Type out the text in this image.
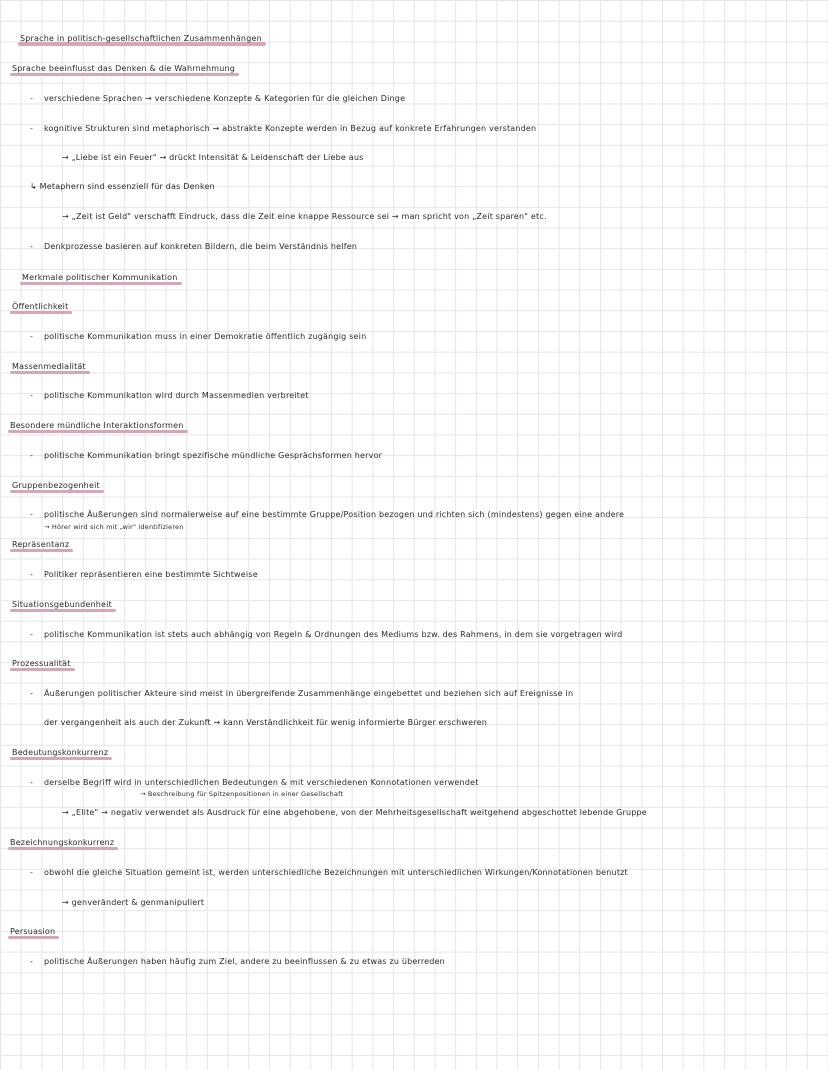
Sprache in politisch-gesellschaftlichen Zusammenhängen
Sprache beeinflusst das Denken & die Wahrnehmung
- verschiedene Sprachen → verschiedene Konzepte & Kategorien für die gleichen Dinge
- kognitive Strukturen sind metaphorisch → abstrakte Konzepte werden in Bezug auf konkrete Erfahrungen verstanden
→ „Liebe ist ein Feuer" → drückt Intensität & Leidenschaft der Liebe aus
↳ Metaphern sind essenziell für das Denken
→ „Zeit ist Geld" verschafft Eindruck, dass die Zeit eine knappe Ressource sei → man spricht von „Zeit sparen" etc.
- Denkprozesse basieren auf konkreten Bildern, die beim Verständnis helfen
Merkmale politischer Kommunikation
Öffentlichkeit
- politische Kommunikation muss in einer Demokratie öffentlich zugängig sein
Massenmedialität
- politische Kommunikation wird durch Massenmedien verbreitet
Besondere mündliche Interaktionsformen
- politische Kommunikation bringt spezifische mündliche Gesprächsformen hervor
Gruppenbezogenheit
- politische Äußerungen sind normalerweise auf eine bestimmte Gruppe/Position bezogen und richten sich (mindestens) gegen eine andere
→ Hörer wird sich mit „wir" identifizieren
Repräsentanz
- Politiker repräsentieren eine bestimmte Sichtweise
Situationsgebundenheit
- politische Kommunikation ist stets auch abhängig von Regeln & Ordnungen des Mediums bzw. des Rahmens, in dem sie vorgetragen wird
Prozessualität
- Äußerungen politischer Akteure sind meist in übergreifende Zusammenhänge eingebettet und beziehen sich auf Ereignisse in
der vergangenheit als auch der Zukunft → kann Verständlichkeit für wenig informierte Bürger erschweren
Bedeutungskonkurrenz
- derselbe Begriff wird in unterschiedlichen Bedeutungen & mit verschiedenen Konnotationen verwendet
→ Beschreibung für Spitzenpositionen in einer Gesellschaft
→ „Elite" → negativ verwendet als Ausdruck für eine abgehobene, von der Mehrheitsgesellschaft weitgehend abgeschottet lebende Gruppe
Bezeichnungskonkurrenz
- obwohl die gleiche Situation gemeint ist, werden unterschiedliche Bezeichnungen mit unterschiedlichen Wirkungen/Konnotationen benutzt
→ genverändert & genmanipuliert
Persuasion
- politische Äußerungen haben häufig zum Ziel, andere zu beeinflussen & zu etwas zu überreden
